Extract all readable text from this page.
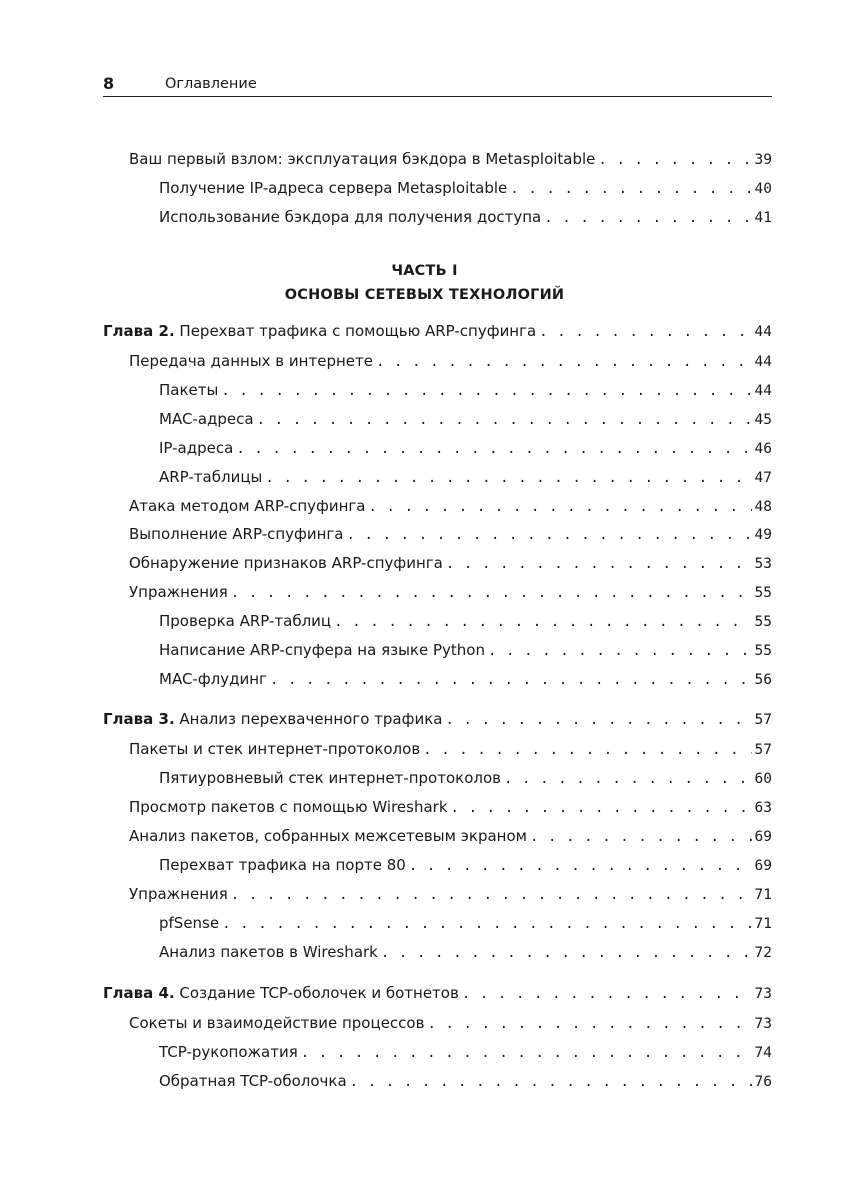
8	Оглавление
ЧАСТЬ I
ОСНОВЫ СЕТЕВЫХ ТЕХНОЛОГИЙ
Ваш первый взлом: эксплуатация бэкдора в Metasploitable . . .	39
Получение IP-адреса сервера Metasploitable . . .	40
Использование бэкдора для получения доступа . . .	41
Глава 2. Перехват трафика с помощью ARP-спуфинга . . .	44
Передача данных в интернете . . .	44
Пакеты . . .	44
MAC-адреса . . .	45
IP-адреса . . .	46
ARP-таблицы . . .	47
Атака методом ARP-спуфинга . . .	48
Выполнение ARP-спуфинга . . .	49
Обнаружение признаков ARP-спуфинга . . .	53
Упражнения . . .	55
Проверка ARP-таблиц . . .	55
Написание ARP-спуфера на языке Python . . .	55
MAC-флудинг . . .	56
Глава 3. Анализ перехваченного трафика . . .	57
Пакеты и стек интернет-протоколов . . .	57
Пятиуровневый стек интернет-протоколов . . .	60
Просмотр пакетов с помощью Wireshark . . .	63
Анализ пакетов, собранных межсетевым экраном . . .	69
Перехват трафика на порте 80 . . .	69
Упражнения . . .	71
pfSense . . .	71
Анализ пакетов в Wireshark . . .	72
Глава 4. Создание TCP-оболочек и ботнетов . . .	73
Сокеты и взаимодействие процессов . . .	73
TCP-рукопожатия . . .	74
Обратная TCP-оболочка . . .	76
